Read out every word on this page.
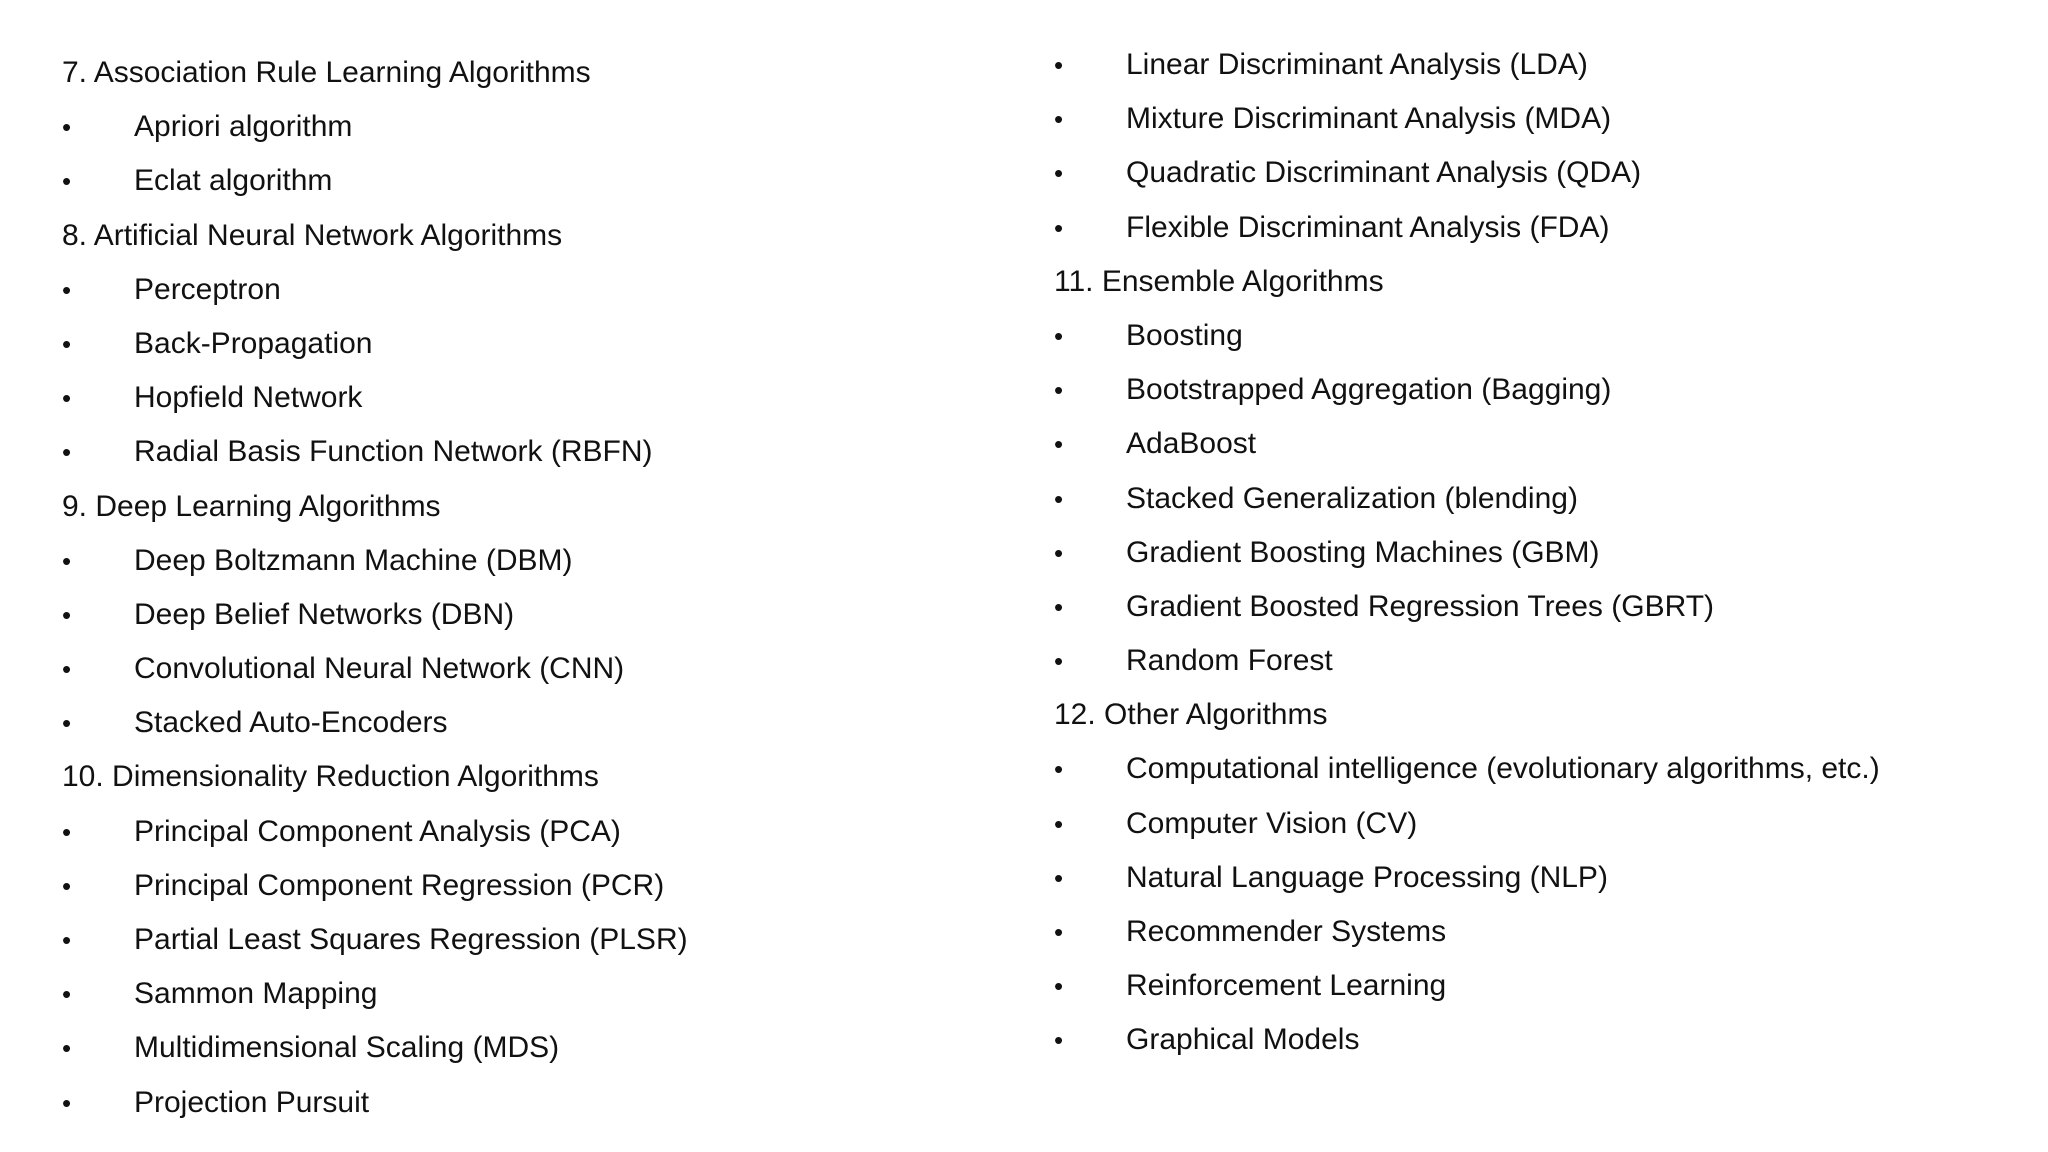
7. Association Rule Learning Algorithms
• Apriori algorithm
• Eclat algorithm
8. Artificial Neural Network Algorithms
• Perceptron
• Back-Propagation
• Hopfield Network
• Radial Basis Function Network (RBFN)
9. Deep Learning Algorithms
• Deep Boltzmann Machine (DBM)
• Deep Belief Networks (DBN)
• Convolutional Neural Network (CNN)
• Stacked Auto-Encoders
10. Dimensionality Reduction Algorithms
• Principal Component Analysis (PCA)
• Principal Component Regression (PCR)
• Partial Least Squares Regression (PLSR)
• Sammon Mapping
• Multidimensional Scaling (MDS)
• Projection Pursuit
• Linear Discriminant Analysis (LDA)
• Mixture Discriminant Analysis (MDA)
• Quadratic Discriminant Analysis (QDA)
• Flexible Discriminant Analysis (FDA)
11. Ensemble Algorithms
• Boosting
• Bootstrapped Aggregation (Bagging)
• AdaBoost
• Stacked Generalization (blending)
• Gradient Boosting Machines (GBM)
• Gradient Boosted Regression Trees (GBRT)
• Random Forest
12. Other Algorithms
• Computational intelligence (evolutionary algorithms, etc.)
• Computer Vision (CV)
• Natural Language Processing (NLP)
• Recommender Systems
• Reinforcement Learning
• Graphical Models
